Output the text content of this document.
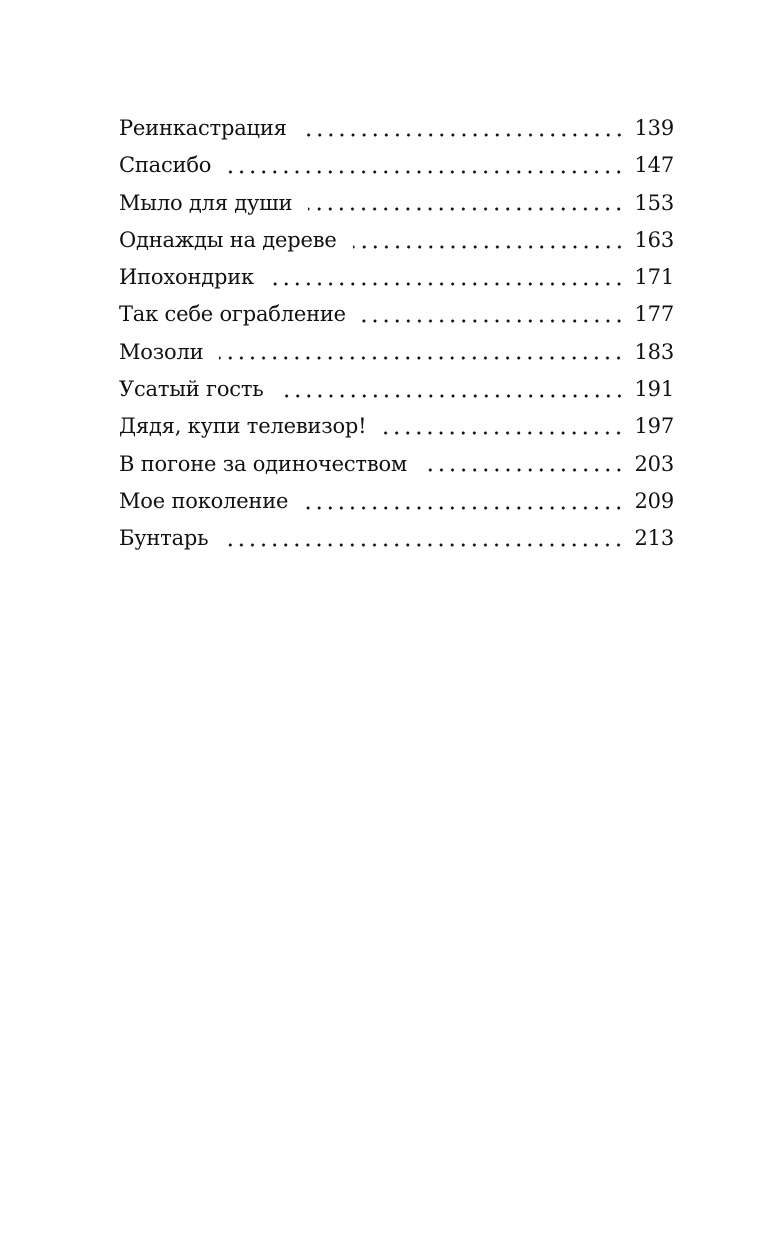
Реинкастрация	139
Спасибо	147
Мыло для души	153
Однажды на дереве	163
Ипохондрик	171
Так себе ограбление	177
Мозоли	183
Усатый гость	191
Дядя, купи телевизор!	197
В погоне за одиночеством	203
Мое поколение	209
Бунтарь	213
